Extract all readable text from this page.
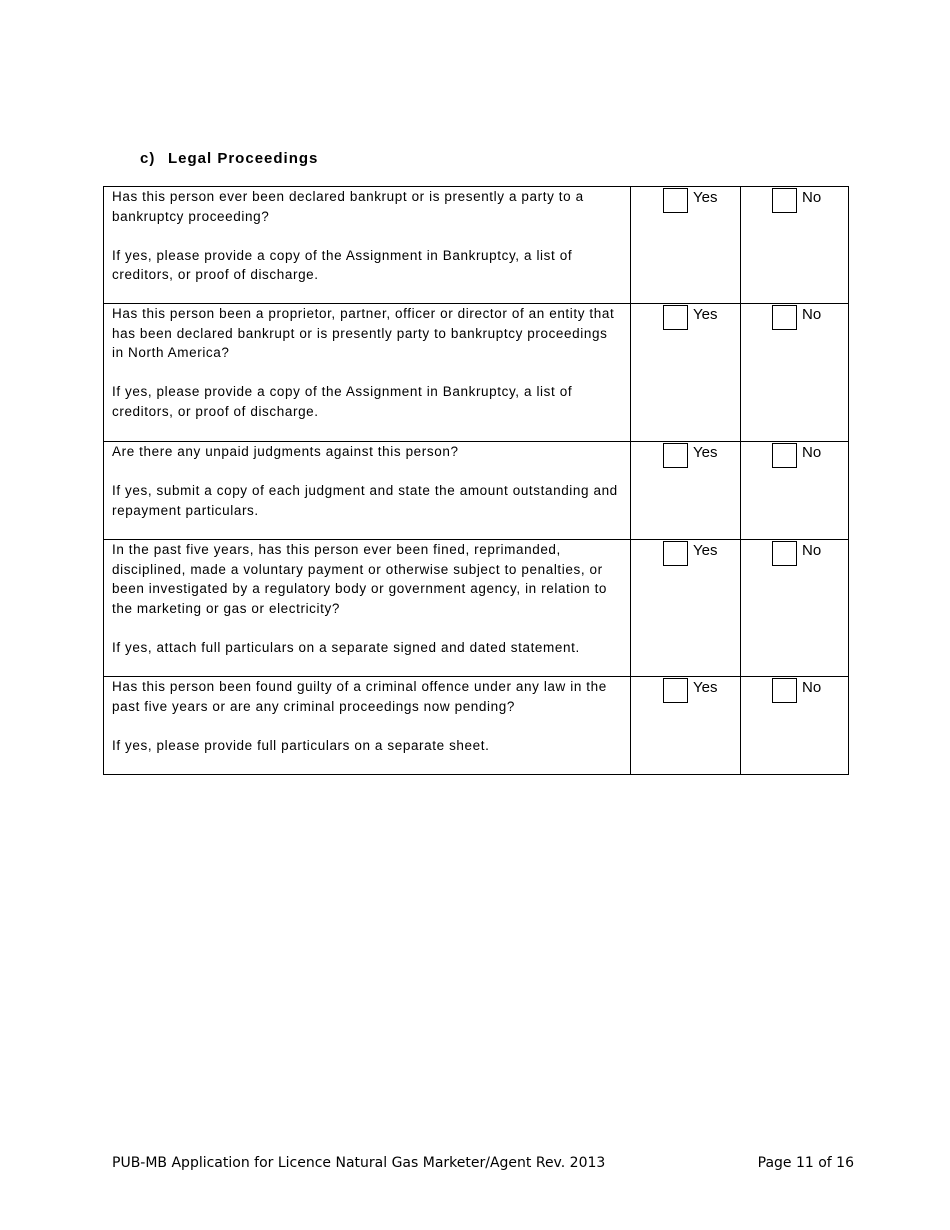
c) Legal Proceedings

Has this person ever been declared bankrupt or is presently a party to a bankruptcy proceeding?

If yes, please provide a copy of the Assignment in Bankruptcy, a list of creditors, or proof of discharge.	Yes	No

Has this person been a proprietor, partner, officer or director of an entity that has been declared bankrupt or is presently party to bankruptcy proceedings in North America?

If yes, please provide a copy of the Assignment in Bankruptcy, a list of creditors, or proof of discharge.	Yes	No

Are there any unpaid judgments against this person?

If yes, submit a copy of each judgment and state the amount outstanding and repayment particulars.	Yes	No

In the past five years, has this person ever been fined, reprimanded, disciplined, made a voluntary payment or otherwise subject to penalties, or been investigated by a regulatory body or government agency, in relation to the marketing or gas or electricity?

If yes, attach full particulars on a separate signed and dated statement.	Yes	No

Has this person been found guilty of a criminal offence under any law in the past five years or are any criminal proceedings now pending?

If yes, please provide full particulars on a separate sheet.	Yes	No
PUB-MB Application for Licence Natural Gas Marketer/Agent Rev. 2013	Page 11 of 16
